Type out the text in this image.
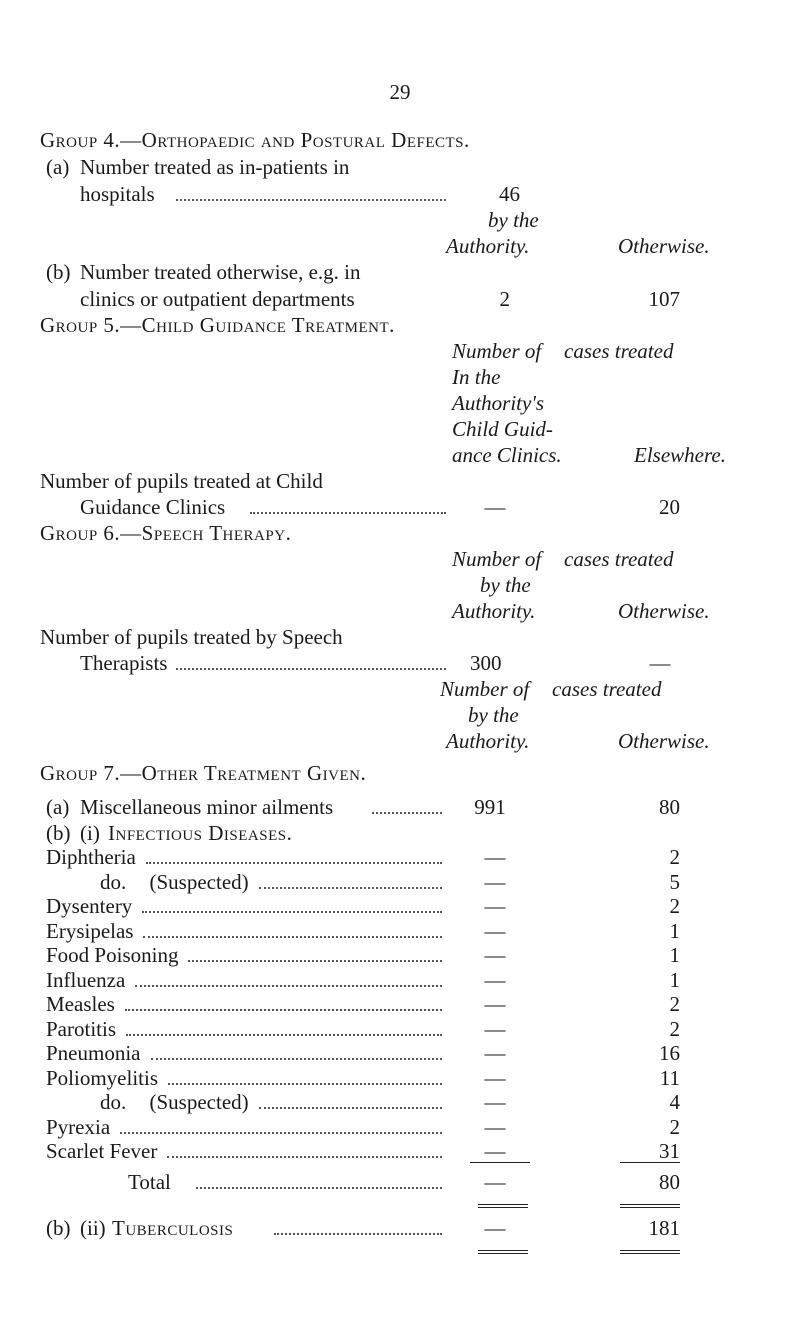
29
Group 4.—Orthopaedic and Postural Defects.
(a) Number treated as in-patients in
hospitals	46
by the
Authority.	Otherwise.
(b) Number treated otherwise, e.g. in
clinics or outpatient departments	2	107
Group 5.—Child Guidance Treatment.
Number of cases treated
In the
Authority's
Child Guid-
ance Clinics.	Elsewhere.
Number of pupils treated at Child
Guidance Clinics	—	20
Group 6.—Speech Therapy.
Number of cases treated
by the
Authority.	Otherwise.
Number of pupils treated by Speech
Therapists	300	—
Number of cases treated
by the
Authority.	Otherwise.
Group 7.—Other Treatment Given.
(a) Miscellaneous minor ailments	991	80
(b) (i) Infectious Diseases.
Diphtheria	—	2
do. (Suspected)	—	5
Dysentery	—	2
Erysipelas	—	1
Food Poisoning	—	1
Influenza	—	1
Measles	—	2
Parotitis	—	2
Pneumonia	—	16
Poliomyelitis	—	11
do. (Suspected)	—	4
Pyrexia	—	2
Scarlet Fever	—	31
Total	—	80
(b) (ii) Tuberculosis	—	181
